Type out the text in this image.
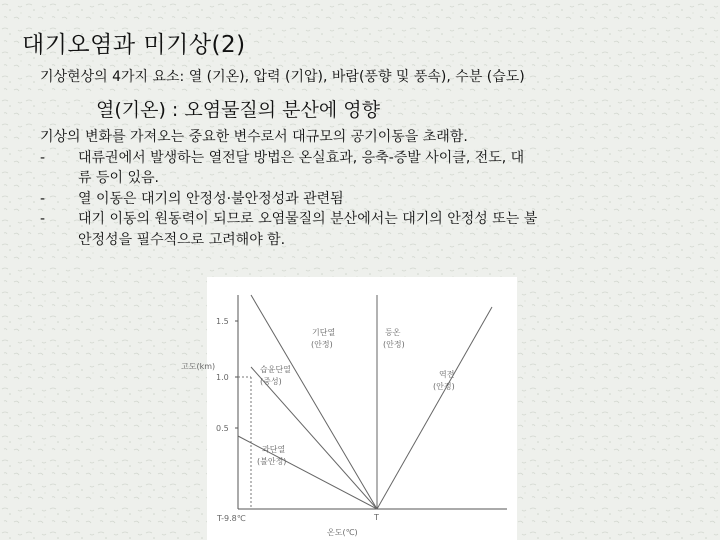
대기오염과 미기상(2)
기상현상의 4가지 요소: 열 (기온), 압력 (기압), 바람(풍향 및 풍속), 수분 (습도)
열(기온) : 오염물질의 분산에 영향
기상의 변화를 가져오는 중요한 변수로서 대규모의 공기이동을 초래함.
- 대류권에서 발생하는 열전달 방법은 온실효과, 응축-증발 사이클, 전도, 대
류 등이 있음.
- 열 이동은 대기의 안정성·불안정성과 관련됨
- 대기 이동의 원동력이 되므로 오염물질의 분산에서는 대기의 안정성 또는 불
안정성을 필수적으로 고려해야 함.
1.5
1.0
0.5
고도(km)
기단열
(안정)
등온
(안정)
습윤단열
(중성)
역전
(안정)
과단열
(불안정)
T-9.8℃	T
온도(℃)
